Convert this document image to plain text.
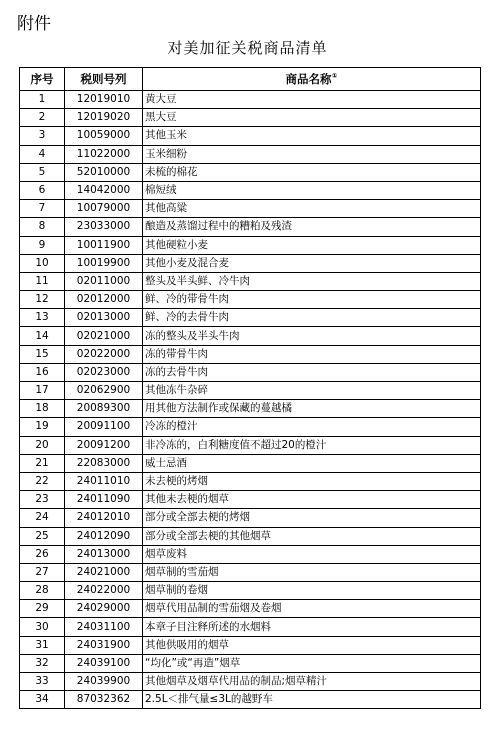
附件
对美加征关税商品清单
序号	税则号列	商品名称①
1	12019010	黄大豆
2	12019020	黑大豆
3	10059000	其他玉米
4	11022000	玉米细粉
5	52010000	未梳的棉花
6	14042000	棉短绒
7	10079000	其他高粱
8	23033000	酿造及蒸馏过程中的糟粕及残渣
9	10011900	其他硬粒小麦
10	10019900	其他小麦及混合麦
11	02011000	整头及半头鲜、冷牛肉
12	02012000	鲜、冷的带骨牛肉
13	02013000	鲜、冷的去骨牛肉
14	02021000	冻的整头及半头牛肉
15	02022000	冻的带骨牛肉
16	02023000	冻的去骨牛肉
17	02062900	其他冻牛杂碎
18	20089300	用其他方法制作或保藏的蔓越橘
19	20091100	冷冻的橙汁
20	20091200	非冷冻的，白利糖度值不超过20的橙汁
21	22083000	威士忌酒
22	24011010	未去梗的烤烟
23	24011090	其他未去梗的烟草
24	24012010	部分或全部去梗的烤烟
25	24012090	部分或全部去梗的其他烟草
26	24013000	烟草废料
27	24021000	烟草制的雪茄烟
28	24022000	烟草制的卷烟
29	24029000	烟草代用品制的雪茄烟及卷烟
30	24031100	本章子目注释所述的水烟料
31	24031900	其他供吸用的烟草
32	24039100	“均化”或“再造”烟草
33	24039900	其他烟草及烟草代用品的制品;烟草精汁
34	87032362	2.5L＜排气量≤3L的越野车
